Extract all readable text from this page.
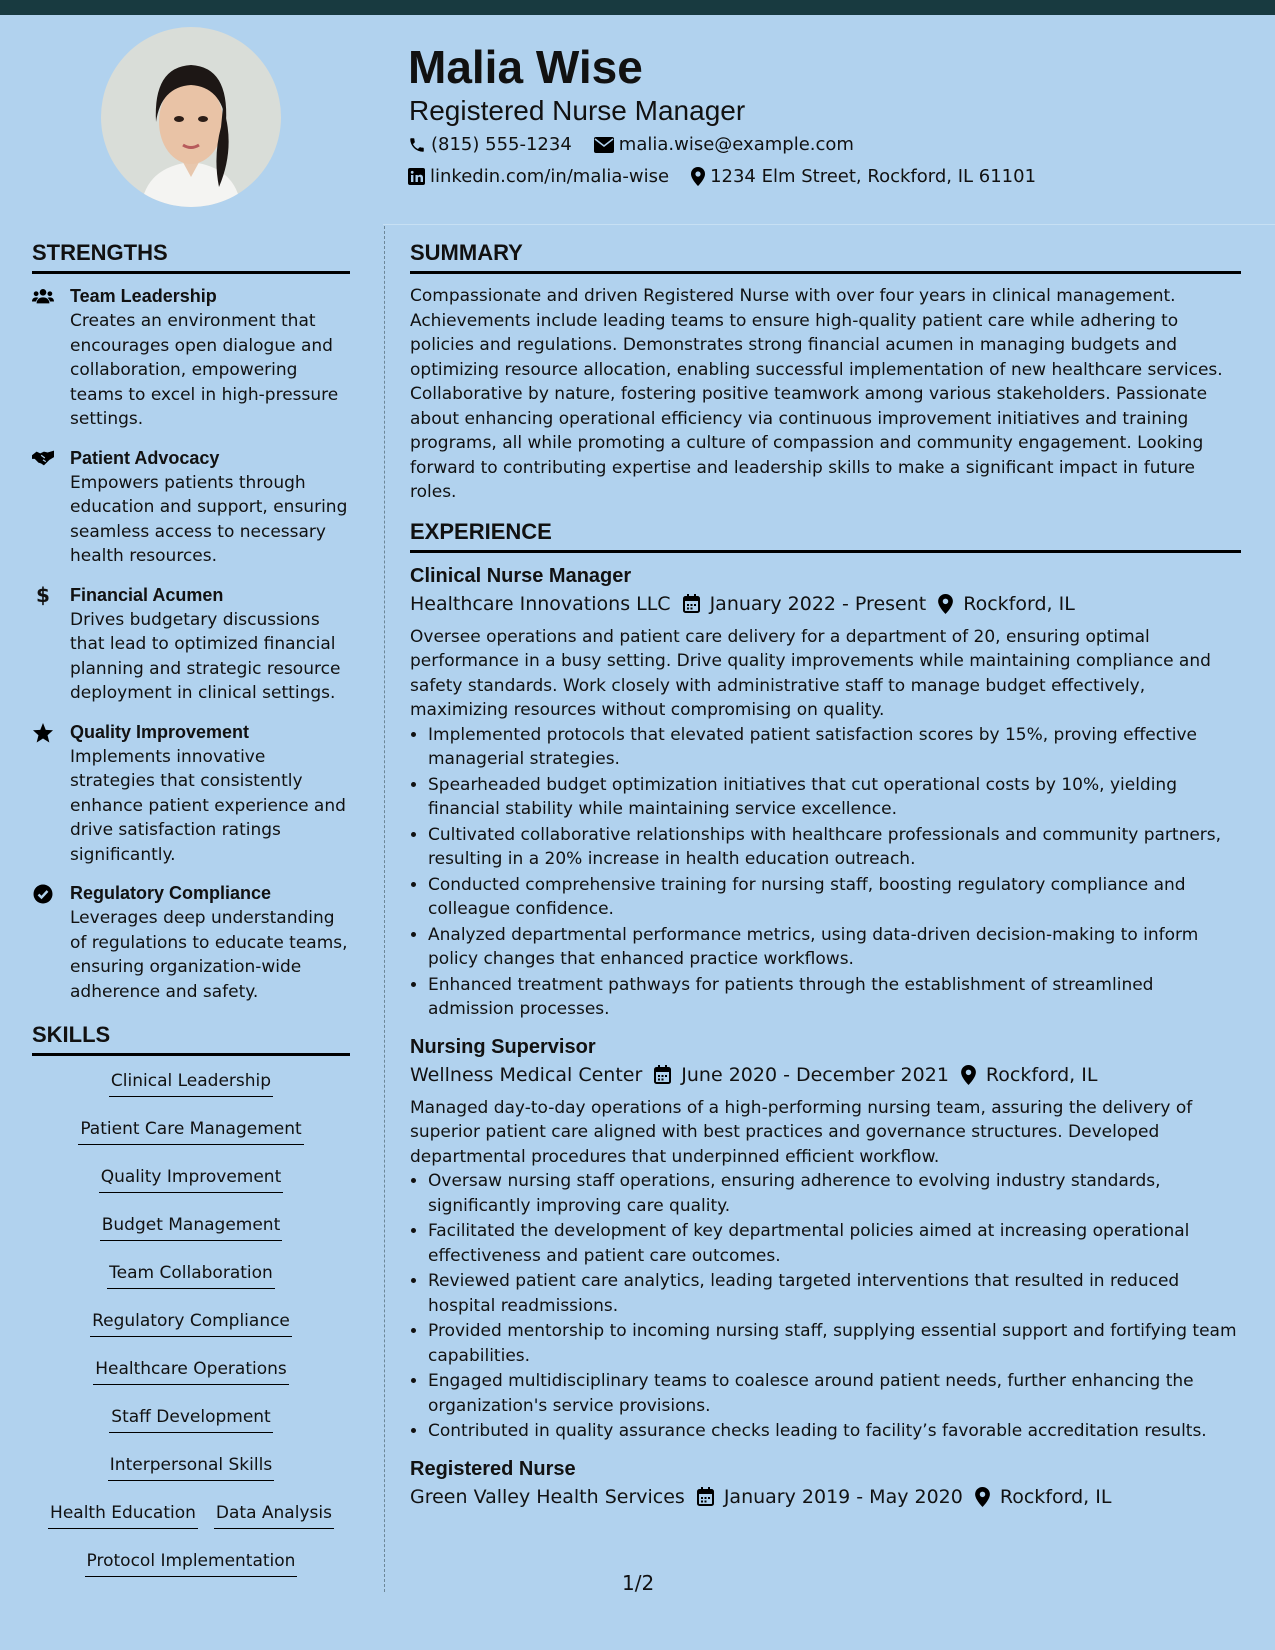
Malia Wise
Registered Nurse Manager
(815) 555-1234	malia.wise@example.com
linkedin.com/in/malia-wise 1234 Elm Street, Rockford, IL 61101
STRENGTHS
Team Leadership
Creates an environment that encourages open dialogue and collaboration, empowering teams to excel in high-pressure settings.
Patient Advocacy
Empowers patients through education and support, ensuring seamless access to necessary health resources.
$ Financial Acumen
Drives budgetary discussions that lead to optimized financial planning and strategic resource deployment in clinical settings.
Quality Improvement
Implements innovative strategies that consistently enhance patient experience and drive satisfaction ratings significantly.
Regulatory Compliance
Leverages deep understanding of regulations to educate teams, ensuring organization-wide adherence and safety.
SKILLS
Clinical Leadership
Patient Care Management
Quality Improvement
Budget Management
Team Collaboration
Regulatory Compliance
Healthcare Operations
Staff Development
Interpersonal Skills
Health Education Data Analysis
Protocol Implementation
SUMMARY

Compassionate and driven Registered Nurse with over four years in clinical management. Achievements include leading teams to ensure high-quality patient care while adhering to policies and regulations. Demonstrates strong financial acumen in managing budgets and optimizing resource allocation, enabling successful implementation of new healthcare services. Collaborative by nature, fostering positive teamwork among various stakeholders. Passionate about enhancing operational efficiency via continuous improvement initiatives and training programs, all while promoting a culture of compassion and community engagement. Looking forward to contributing expertise and leadership skills to make a significant impact in future roles.

EXPERIENCE
Clinical Nurse Manager
Healthcare Innovations LLC January 2022 - Present Rockford, IL
Oversee operations and patient care delivery for a department of 20, ensuring optimal performance in a busy setting. Drive quality improvements while maintaining compliance and safety standards. Work closely with administrative staff to manage budget effectively, maximizing resources without compromising on quality.
• Implemented protocols that elevated patient satisfaction scores by 15%, proving effective managerial strategies.
• Spearheaded budget optimization initiatives that cut operational costs by 10%, yielding financial stability while maintaining service excellence.
• Cultivated collaborative relationships with healthcare professionals and community partners, resulting in a 20% increase in health education outreach.
• Conducted comprehensive training for nursing staff, boosting regulatory compliance and colleague confidence.
• Analyzed departmental performance metrics, using data-driven decision-making to inform policy changes that enhanced practice workflows.
• Enhanced treatment pathways for patients through the establishment of streamlined admission processes.
Nursing Supervisor
Wellness Medical Center June 2020 - December 2021 Rockford, IL
Managed day-to-day operations of a high-performing nursing team, assuring the delivery of superior patient care aligned with best practices and governance structures. Developed departmental procedures that underpinned efficient workflow.
• Oversaw nursing staff operations, ensuring adherence to evolving industry standards, significantly improving care quality.
• Facilitated the development of key departmental policies aimed at increasing operational effectiveness and patient care outcomes.
• Reviewed patient care analytics, leading targeted interventions that resulted in reduced hospital readmissions.
• Provided mentorship to incoming nursing staff, supplying essential support and fortifying team capabilities.
• Engaged multidisciplinary teams to coalesce around patient needs, further enhancing the organization's service provisions.
• Contributed in quality assurance checks leading to facility’s favorable accreditation results.
Registered Nurse
Green Valley Health Services January 2019 - May 2020 Rockford, IL
1/2
